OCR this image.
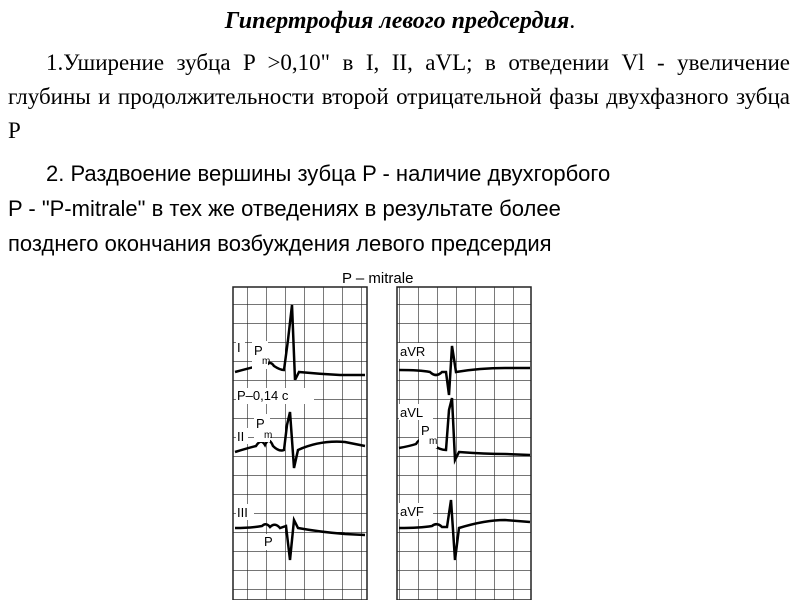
Гипертрофия левого предсердия.
1.Уширение зубца P >0,10" в I, II, aVL; в отведении Vl - увеличение глубины и продолжительности второй отрицательной фазы двухфазного зубца P
2. Раздвоение вершины зубца P - наличие двухгорбого
P - "P-mitrale" в тех же отведениях в результате более
позднего окончания возбуждения левого предсердия
P – mitrale
I P
m
P–0,14 c
II
P
m
III
P
aVR
aVL
P
m
aVF
